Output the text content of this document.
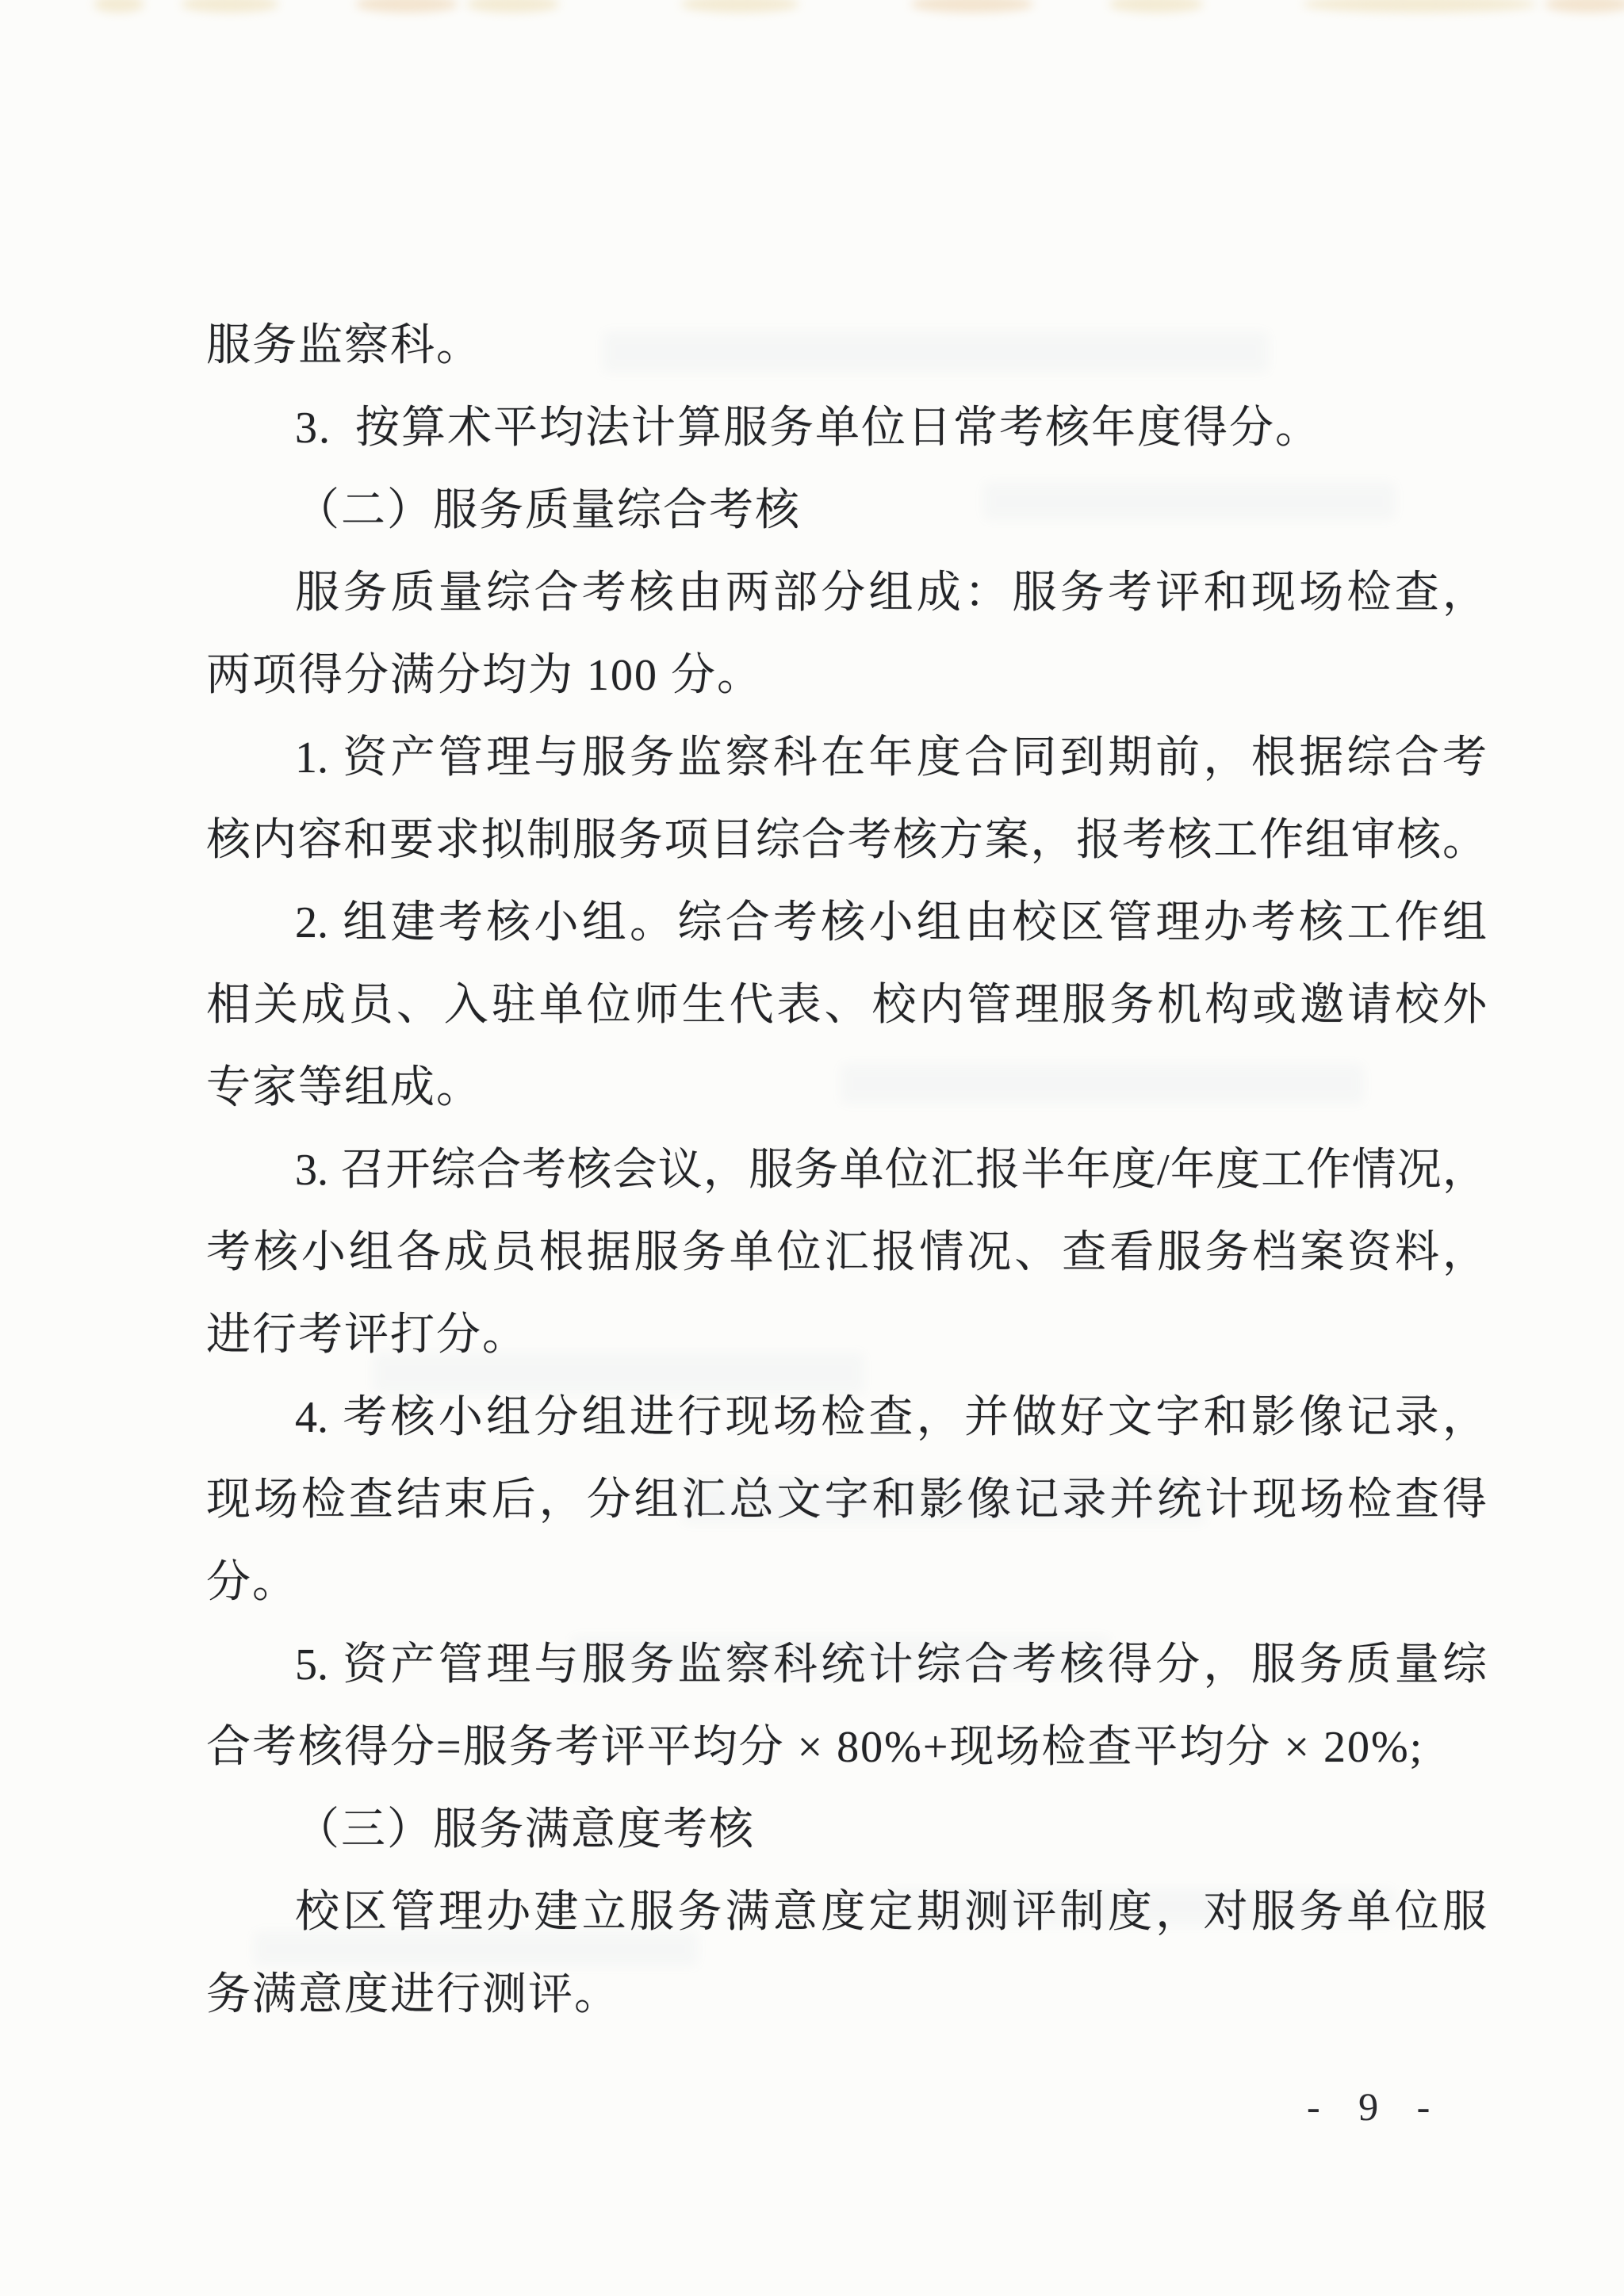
服务监察科。
3. 按算术平均法计算服务单位日常考核年度得分。
（二）服务质量综合考核
服务质量综合考核由两部分组成：服务考评和现场检查，
两项得分满分均为 100 分。
1. 资产管理与服务监察科在年度合同到期前，根据综合考
核内容和要求拟制服务项目综合考核方案，报考核工作组审核。
2. 组建考核小组。综合考核小组由校区管理办考核工作组
相关成员、入驻单位师生代表、校内管理服务机构或邀请校外
专家等组成。
3. 召开综合考核会议，服务单位汇报半年度/年度工作情况，
考核小组各成员根据服务单位汇报情况、查看服务档案资料，
进行考评打分。
4. 考核小组分组进行现场检查，并做好文字和影像记录，
现场检查结束后，分组汇总文字和影像记录并统计现场检查得
分。
5. 资产管理与服务监察科统计综合考核得分，服务质量综
合考核得分=服务考评平均分 × 80%+现场检查平均分 × 20%;
（三）服务满意度考核
校区管理办建立服务满意度定期测评制度，对服务单位服
务满意度进行测评。
- 9 -
